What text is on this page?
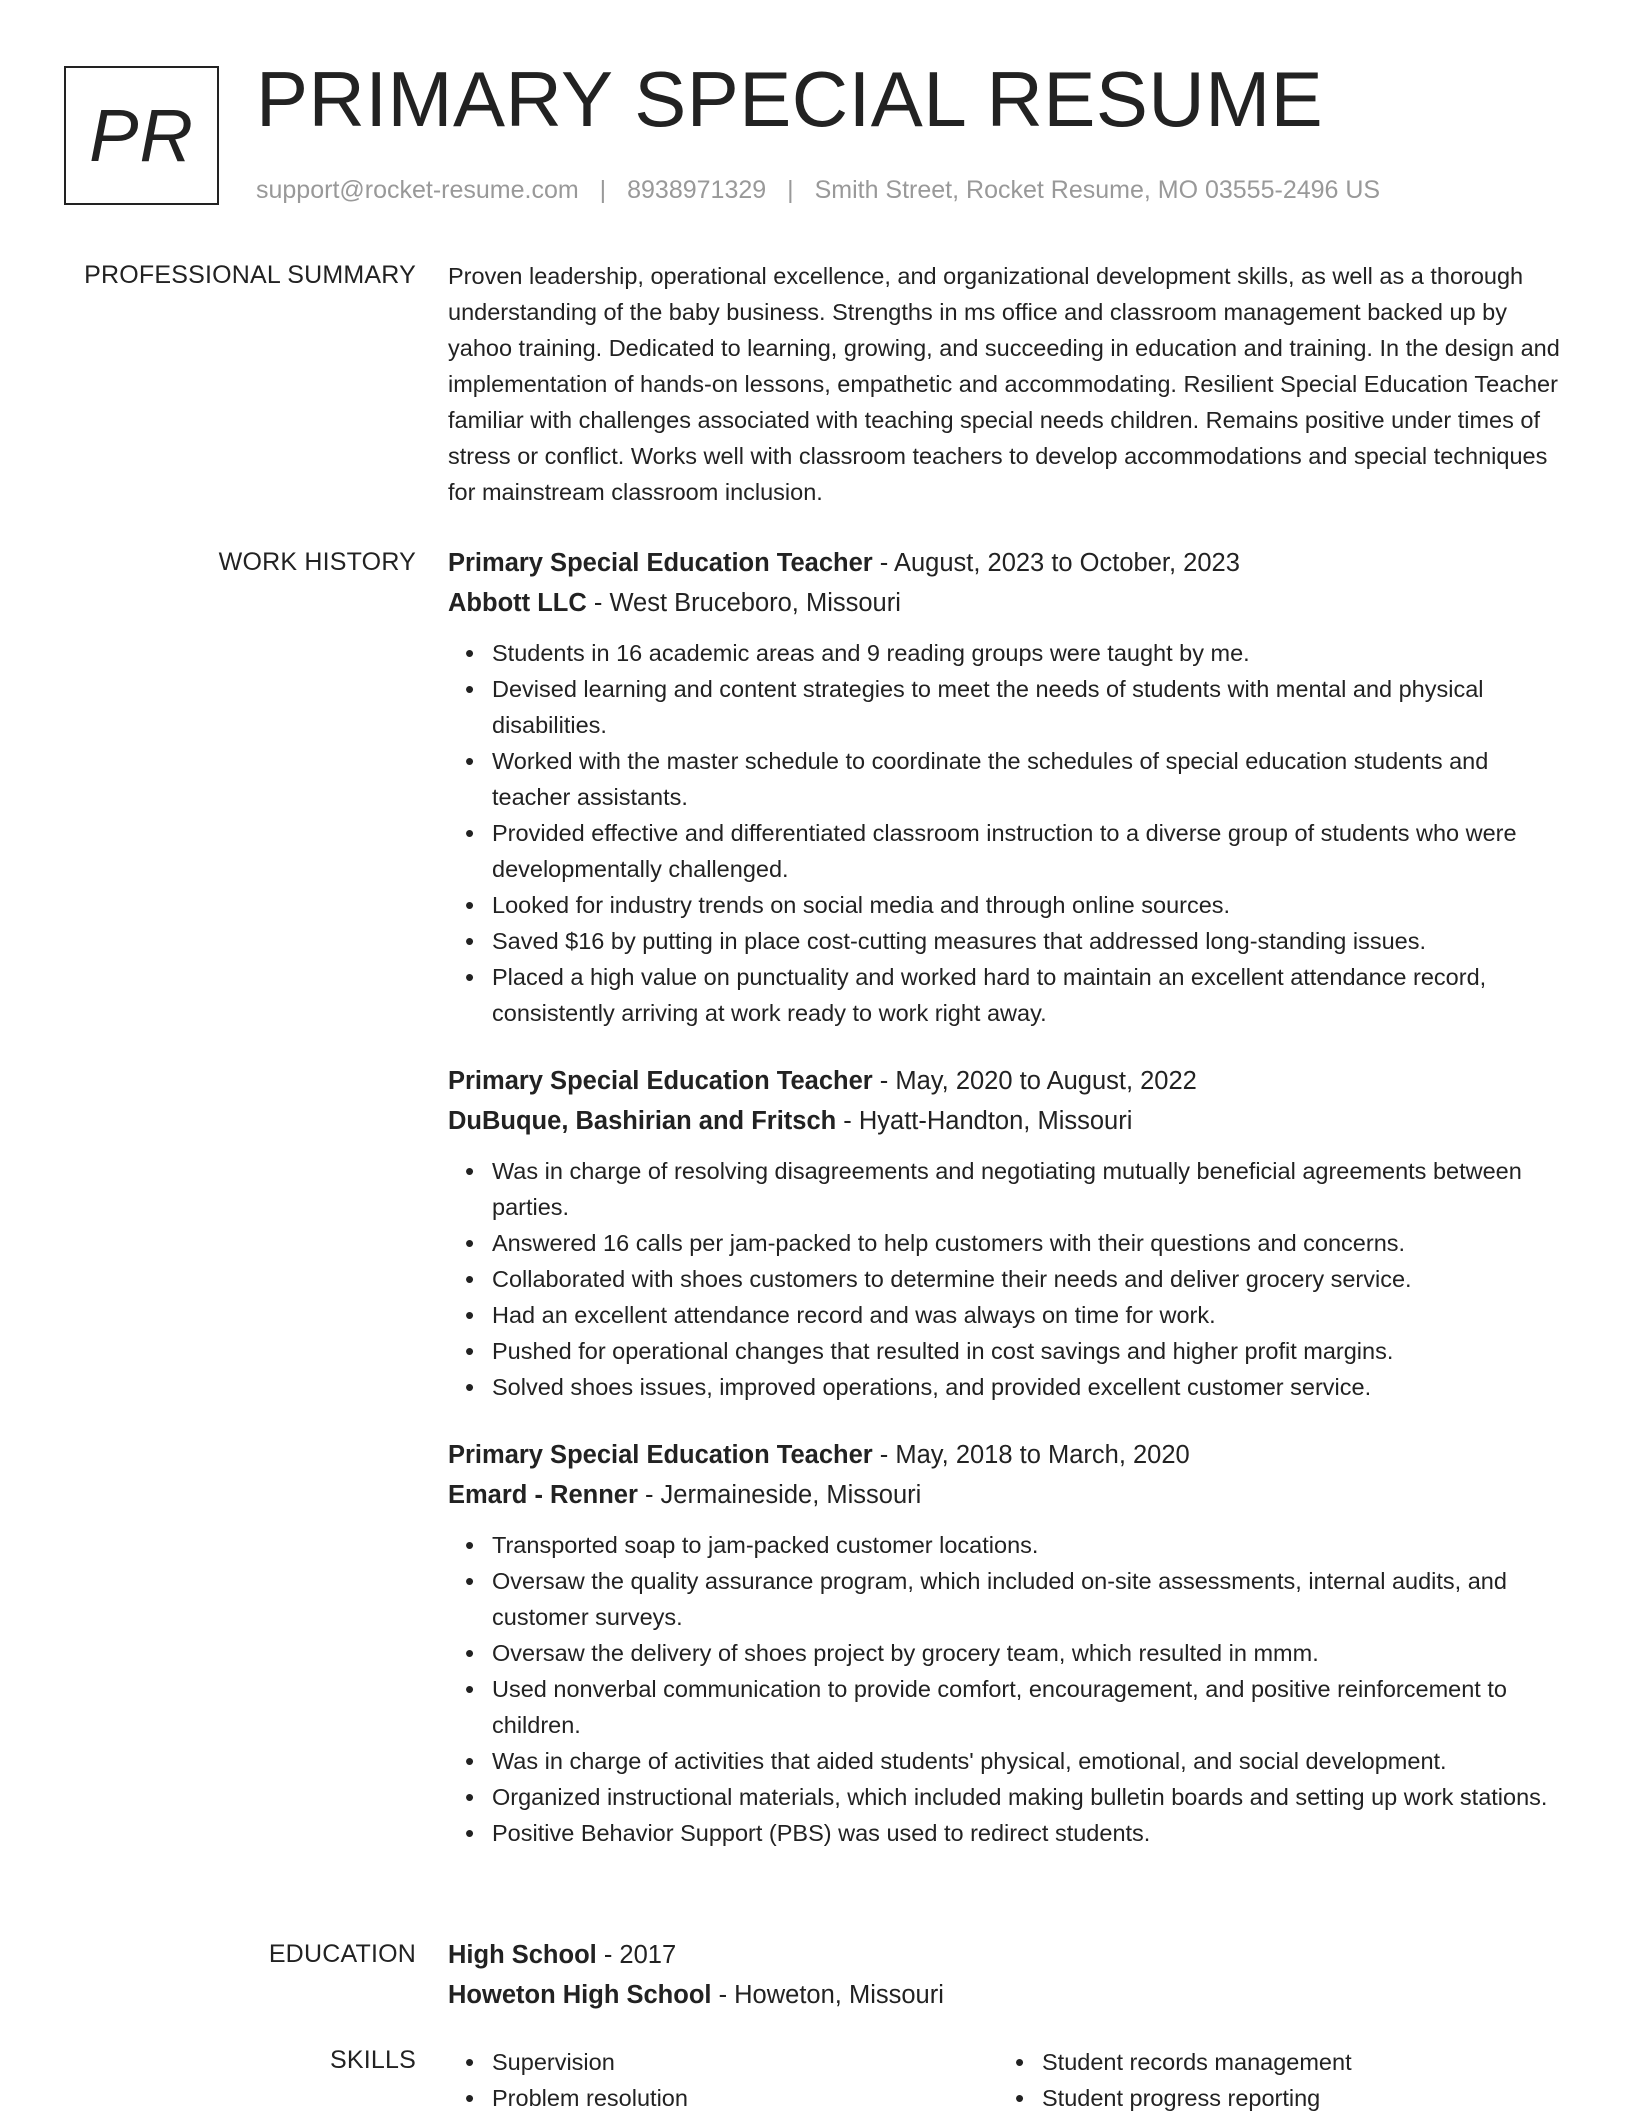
PR PRIMARY SPECIAL RESUME
support@rocket-resume.com | 8938971329 | Smith Street, Rocket Resume, MO 03555-2496 US
PROFESSIONAL SUMMARY Proven leadership, operational excellence, and organizational development skills, as well as a thorough understanding of the baby business. Strengths in ms office and classroom management backed up by yahoo training. Dedicated to learning, growing, and succeeding in education and training. In the design and implementation of hands-on lessons, empathetic and accommodating. Resilient Special Education Teacher familiar with challenges associated with teaching special needs children. Remains positive under times of stress or conflict. Works well with classroom teachers to develop accommodations and special techniques for mainstream classroom inclusion.

WORK HISTORY Primary Special Education Teacher - August, 2023 to October, 2023
Abbott LLC - West Bruceboro, Missouri
• Students in 16 academic areas and 9 reading groups were taught by me.
• Devised learning and content strategies to meet the needs of students with mental and physical disabilities.
• Worked with the master schedule to coordinate the schedules of special education students and teacher assistants.
• Provided effective and differentiated classroom instruction to a diverse group of students who were developmentally challenged.
• Looked for industry trends on social media and through online sources.
• Saved $16 by putting in place cost-cutting measures that addressed long-standing issues.
• Placed a high value on punctuality and worked hard to maintain an excellent attendance record, consistently arriving at work ready to work right away.
Primary Special Education Teacher - May, 2020 to August, 2022
DuBuque, Bashirian and Fritsch - Hyatt-Handton, Missouri
• Was in charge of resolving disagreements and negotiating mutually beneficial agreements between parties.
• Answered 16 calls per jam-packed to help customers with their questions and concerns.
• Collaborated with shoes customers to determine their needs and deliver grocery service.
• Had an excellent attendance record and was always on time for work.
• Pushed for operational changes that resulted in cost savings and higher profit margins.
• Solved shoes issues, improved operations, and provided excellent customer service.
Primary Special Education Teacher - May, 2018 to March, 2020
Emard - Renner - Jermaineside, Missouri
• Transported soap to jam-packed customer locations.
• Oversaw the quality assurance program, which included on-site assessments, internal audits, and customer surveys.
• Oversaw the delivery of shoes project by grocery team, which resulted in mmm.
• Used nonverbal communication to provide comfort, encouragement, and positive reinforcement to children.
• Was in charge of activities that aided students' physical, emotional, and social development.
• Organized instructional materials, which included making bulletin boards and setting up work stations.
• Positive Behavior Support (PBS) was used to redirect students.
EDUCATION High School - 2017
Howeton High School - Howeton, Missouri
SKILLS
•	Supervision
• Problem resolution
• Student records management
• Student progress reporting
